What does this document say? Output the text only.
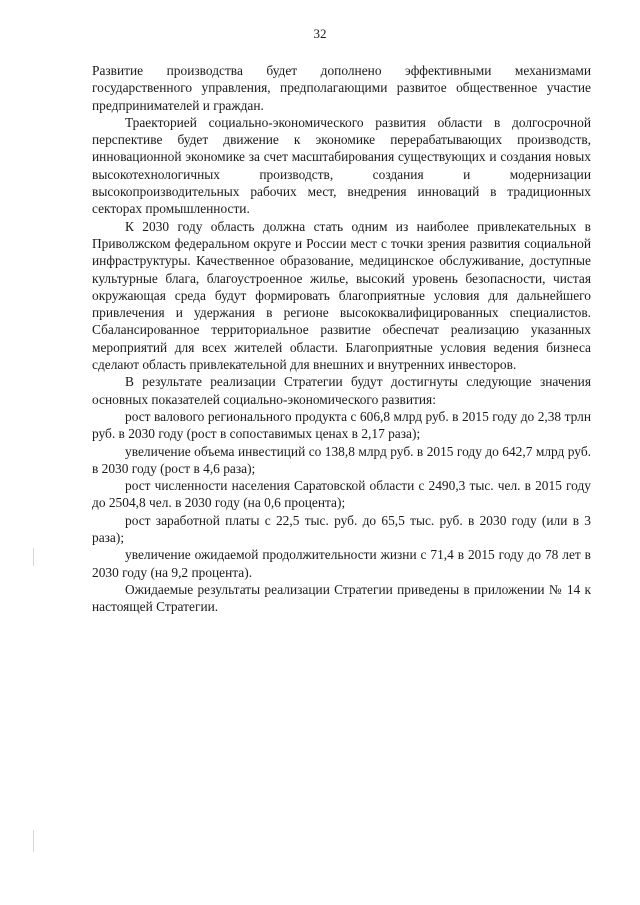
32

Развитие производства будет дополнено эффективными механизмами государственного управления, предполагающими развитое общественное участие предпринимателей и граждан.

Траекторией социально-экономического развития области в долгосрочной перспективе будет движение к экономике перерабатывающих производств, инновационной экономике за счет масштабирования существующих и создания новых высокотехнологичных производств, создания и модернизации высокопроизводительных рабочих мест, внедрения инноваций в традиционных секторах промышленности.

К 2030 году область должна стать одним из наиболее привлекательных в Приволжском федеральном округе и России мест с точки зрения развития социальной инфраструктуры. Качественное образование, медицинское обслуживание, доступные культурные блага, благоустроенное жилье, высокий уровень безопасности, чистая окружающая среда будут формировать благоприятные условия для дальнейшего привлечения и удержания в регионе высококвалифицированных специалистов. Сбалансированное территориальное развитие обеспечат реализацию указанных мероприятий для всех жителей области. Благоприятные условия ведения бизнеса сделают область привлекательной для внешних и внутренних инвесторов.

В результате реализации Стратегии будут достигнуты следующие значения основных показателей социально-экономического развития:

рост валового регионального продукта с 606,8 млрд руб. в 2015 году до 2,38 трлн руб. в 2030 году (рост в сопоставимых ценах в 2,17 раза);

увеличение объема инвестиций со 138,8 млрд руб. в 2015 году до 642,7 млрд руб. в 2030 году (рост в 4,6 раза);

рост численности населения Саратовской области с 2490,3 тыс. чел. в 2015 году до 2504,8 чел. в 2030 году (на 0,6 процента);

рост заработной платы с 22,5 тыс. руб. до 65,5 тыс. руб. в 2030 году (или в 3 раза);

увеличение ожидаемой продолжительности жизни с 71,4 в 2015 году до 78 лет в 2030 году (на 9,2 процента).

Ожидаемые результаты реализации Стратегии приведены в приложении № 14 к настоящей Стратегии.
